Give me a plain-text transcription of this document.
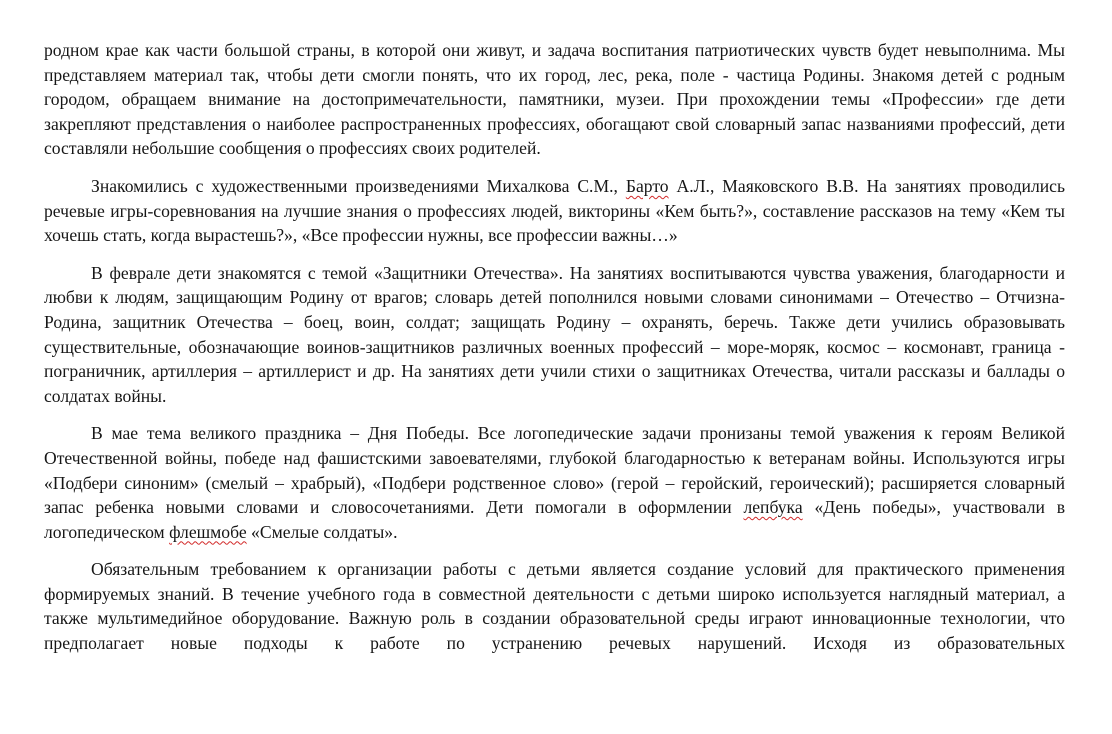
родном крае как части большой страны, в которой они живут, и задача воспитания патриотических чувств будет невыполнима. Мы представляем материал так, чтобы дети смогли понять, что их город, лес, река, поле - частица Родины. Знакомя детей с родным городом, обращаем внимание на достопримечательности, памятники, музеи. При прохождении темы «Профессии» где дети закрепляют представления о наиболее распространенных профессиях, обогащают свой словарный запас названиями профессий, дети составляли небольшие сообщения о профессиях своих родителей.

Знакомились с художественными произведениями Михалкова С.М., Барто А.Л., Маяковского В.В. На занятиях проводились речевые игры-соревнования на лучшие знания о профессиях людей, викторины «Кем быть?», составление рассказов на тему «Кем ты хочешь стать, когда вырастешь?», «Все профессии нужны, все профессии важны…»

В феврале дети знакомятся с темой «Защитники Отечества». На занятиях воспитываются чувства уважения, благодарности и любви к людям, защищающим Родину от врагов; словарь детей пополнился новыми словами синонимами – Отечество – Отчизна-Родина, защитник Отечества – боец, воин, солдат; защищать Родину – охранять, беречь. Также дети учились образовывать существительные, обозначающие воинов-защитников различных военных профессий – море-моряк, космос – космонавт, граница - пограничник, артиллерия – артиллерист и др. На занятиях дети учили стихи о защитниках Отечества, читали рассказы и баллады о солдатах войны.

В мае тема великого праздника – Дня Победы. Все логопедические задачи пронизаны темой уважения к героям Великой Отечественной войны, победе над фашистскими завоевателями, глубокой благодарностью к ветеранам войны. Используются игры «Подбери синоним» (смелый – храбрый), «Подбери родственное слово» (герой – геройский, героический); расширяется словарный запас ребенка новыми словами и словосочетаниями. Дети помогали в оформлении лепбука «День победы», участвовали в логопедическом флешмобе «Смелые солдаты».

Обязательным требованием к организации работы с детьми является создание условий для практического применения формируемых знаний. В течение учебного года в совместной деятельности с детьми широко используется наглядный материал, а также мультимедийное оборудование. Важную роль в создании образовательной среды играют инновационные технологии, что предполагает новые подходы к работе по устранению речевых нарушений. Исходя из образовательных
